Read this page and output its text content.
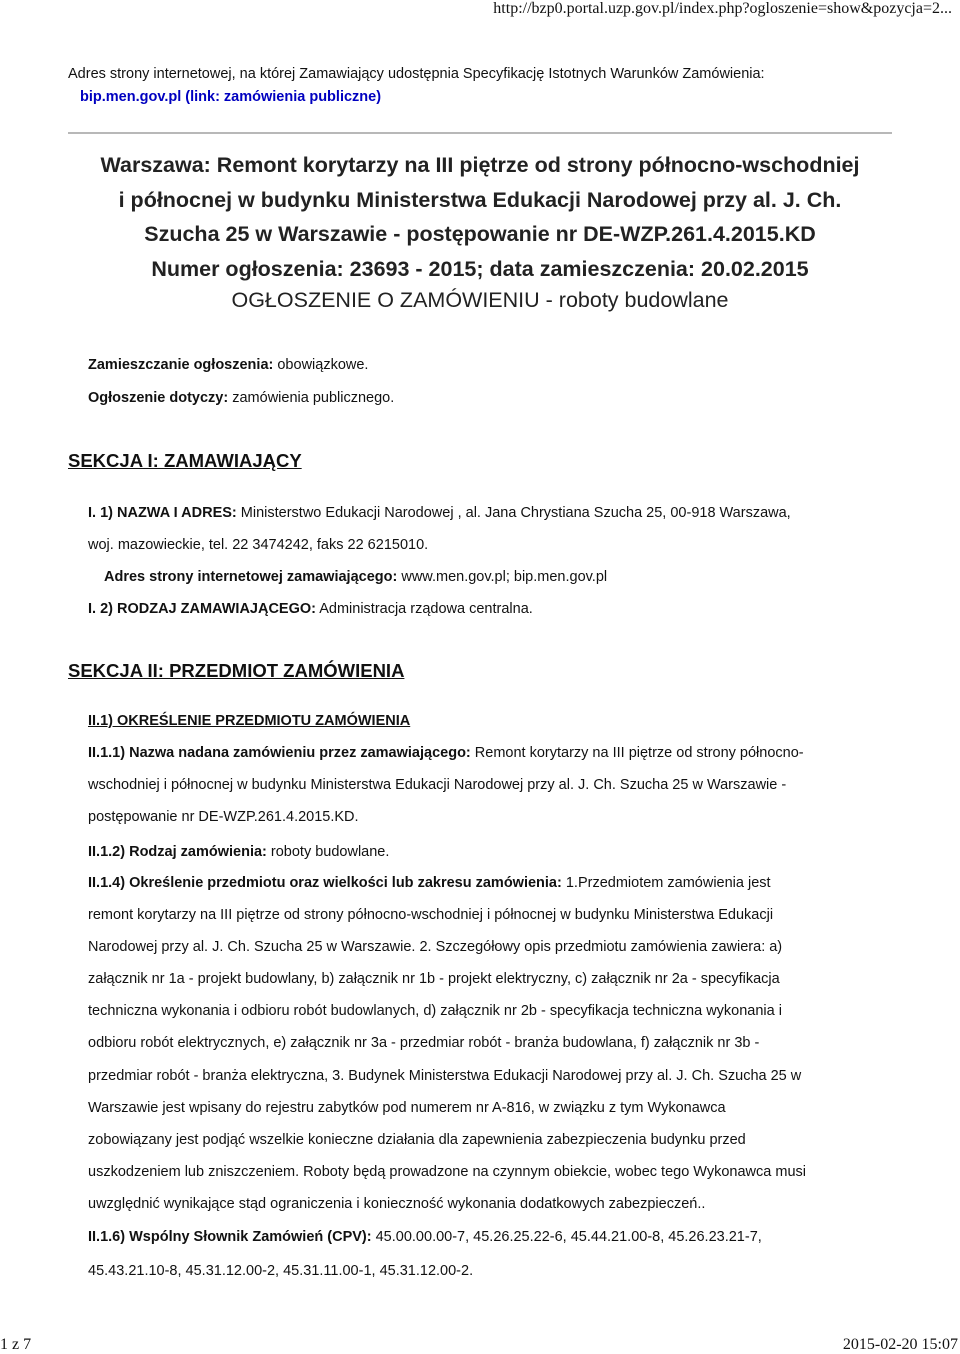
http://bzp0.portal.uzp.gov.pl/index.php?ogloszenie=show&pozycja=2...
Adres strony internetowej, na której Zamawiający udostępnia Specyfikację Istotnych Warunków Zamówienia:
bip.men.gov.pl (link: zamówienia publiczne)
Warszawa: Remont korytarzy na III piętrze od strony północno-wschodniej
i północnej w budynku Ministerstwa Edukacji Narodowej przy al. J. Ch.
Szucha 25 w Warszawie - postępowanie nr DE-WZP.261.4.2015.KD
Numer ogłoszenia: 23693 - 2015; data zamieszczenia: 20.02.2015
OGŁOSZENIE O ZAMÓWIENIU - roboty budowlane
Zamieszczanie ogłoszenia: obowiązkowe.
Ogłoszenie dotyczy: zamówienia publicznego.
SEKCJA I: ZAMAWIAJĄCY
I. 1) NAZWA I ADRES: Ministerstwo Edukacji Narodowej , al. Jana Chrystiana Szucha 25, 00-918 Warszawa,
woj. mazowieckie, tel. 22 3474242, faks 22 6215010.
Adres strony internetowej zamawiającego: www.men.gov.pl; bip.men.gov.pl
I. 2) RODZAJ ZAMAWIAJĄCEGO: Administracja rządowa centralna.
SEKCJA II: PRZEDMIOT ZAMÓWIENIA
II.1) OKREŚLENIE PRZEDMIOTU ZAMÓWIENIA
II.1.1) Nazwa nadana zamówieniu przez zamawiającego: Remont korytarzy na III piętrze od strony północno-
wschodniej i północnej w budynku Ministerstwa Edukacji Narodowej przy al. J. Ch. Szucha 25 w Warszawie -
postępowanie nr DE-WZP.261.4.2015.KD.
II.1.2) Rodzaj zamówienia: roboty budowlane.
II.1.4) Określenie przedmiotu oraz wielkości lub zakresu zamówienia: 1.Przedmiotem zamówienia jest
remont korytarzy na III piętrze od strony północno-wschodniej i północnej w budynku Ministerstwa Edukacji
Narodowej przy al. J. Ch. Szucha 25 w Warszawie. 2. Szczegółowy opis przedmiotu zamówienia zawiera: a)
załącznik nr 1a - projekt budowlany, b) załącznik nr 1b - projekt elektryczny, c) załącznik nr 2a - specyfikacja
techniczna wykonania i odbioru robót budowlanych, d) załącznik nr 2b - specyfikacja techniczna wykonania i
odbioru robót elektrycznych, e) załącznik nr 3a - przedmiar robót - branża budowlana, f) załącznik nr 3b -
przedmiar robót - branża elektryczna, 3. Budynek Ministerstwa Edukacji Narodowej przy al. J. Ch. Szucha 25 w
Warszawie jest wpisany do rejestru zabytków pod numerem nr A-816, w związku z tym Wykonawca
zobowiązany jest podjąć wszelkie konieczne działania dla zapewnienia zabezpieczenia budynku przed
uszkodzeniem lub zniszczeniem. Roboty będą prowadzone na czynnym obiekcie, wobec tego Wykonawca musi
uwzględnić wynikające stąd ograniczenia i konieczność wykonania dodatkowych zabezpieczeń..
II.1.6) Wspólny Słownik Zamówień (CPV): 45.00.00.00-7, 45.26.25.22-6, 45.44.21.00-8, 45.26.23.21-7,
45.43.21.10-8, 45.31.12.00-2, 45.31.11.00-1, 45.31.12.00-2.
1 z 7	2015-02-20 15:07
